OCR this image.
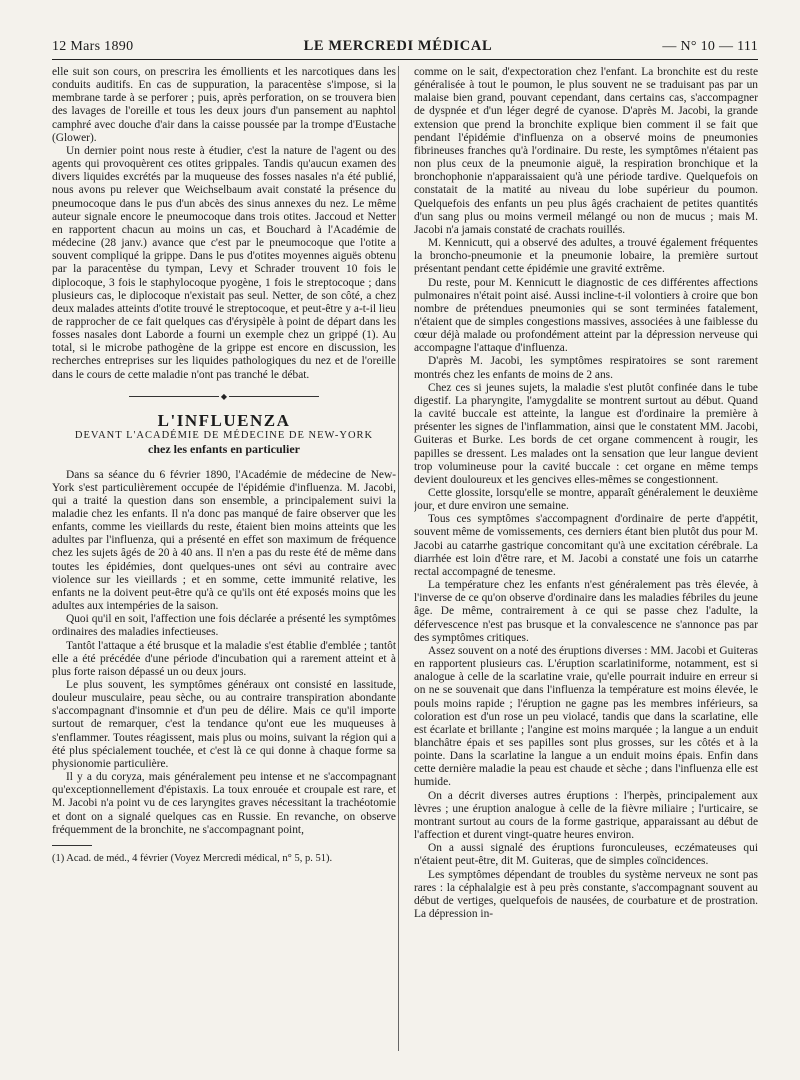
12 Mars 1890	LE MERCREDI MÉDICAL	— N° 10 — 111

elle suit son cours, on prescrira les émollients et les narcotiques dans les conduits auditifs. En cas de suppuration, la paracentèse s'impose, si la membrane tarde à se perforer ; puis, après perforation, on se trouvera bien des lavages de l'oreille et tous les deux jours d'un pansement au naphtol camphré avec douche d'air dans la caisse poussée par la trompe d'Eustache (Glower).

Un dernier point nous reste à étudier, c'est la nature de l'agent ou des agents qui provoquèrent ces otites grippales. Tandis qu'aucun examen des divers liquides excrétés par la muqueuse des fosses nasales n'a été publié, nous avons pu relever que Weichselbaum avait constaté la présence du pneumocoque dans le pus d'un abcès des sinus annexes du nez. Le même auteur signale encore le pneumocoque dans trois otites. Jaccoud et Netter en rapportent chacun au moins un cas, et Bouchard à l'Académie de médecine (28 janv.) avance que c'est par le pneumocoque que l'otite a souvent compliqué la grippe. Dans le pus d'otites moyennes aiguës obtenu par la paracentèse du tympan, Levy et Schrader trouvent 10 fois le diplocoque, 3 fois le staphylocoque pyogène, 1 fois le streptocoque ; dans plusieurs cas, le diplocoque n'existait pas seul. Netter, de son côté, a chez deux malades atteints d'otite trouvé le streptocoque, et peut-être y a-t-il lieu de rapprocher de ce fait quelques cas d'érysipèle à point de départ dans les fosses nasales dont Laborde a fourni un exemple chez un grippé (1). Au total, si le microbe pathogène de la grippe est encore en discussion, les recherches entreprises sur les liquides pathologiques du nez et de l'oreille dans le cours de cette maladie n'ont pas tranché le débat.

◆
L'INFLUENZA
DEVANT L'ACADÉMIE DE MÉDECINE DE NEW-YORK
chez les enfants en particulier

Dans sa séance du 6 février 1890, l'Académie de médecine de New-York s'est particulièrement occupée de l'épidémie d'influenza. M. Jacobi, qui a traité la question dans son ensemble, a principalement suivi la maladie chez les enfants. Il n'a donc pas manqué de faire observer que les enfants, comme les vieillards du reste, étaient bien moins atteints que les adultes par l'influenza, qui a présenté en effet son maximum de fréquence chez les sujets âgés de 20 à 40 ans. Il n'en a pas du reste été de même dans toutes les épidémies, dont quelques-unes ont sévi au contraire avec violence sur les vieillards ; et en somme, cette immunité relative, les enfants ne la doivent peut-être qu'à ce qu'ils ont été exposés moins que les adultes aux intempéries de la saison.

Quoi qu'il en soit, l'affection une fois déclarée a présenté les symptômes ordinaires des maladies infectieuses.

Tantôt l'attaque a été brusque et la maladie s'est établie d'emblée ; tantôt elle a été précédée d'une période d'incubation qui a rarement atteint et à plus forte raison dépassé un ou deux jours.

Le plus souvent, les symptômes généraux ont consisté en lassitude, douleur musculaire, peau sèche, ou au contraire transpiration abondante s'accompagnant d'insomnie et d'un peu de délire. Mais ce qu'il importe surtout de remarquer, c'est la tendance qu'ont eue les muqueuses à s'enflammer. Toutes réagissent, mais plus ou moins, suivant la région qui a été plus spécialement touchée, et c'est là ce qui donne à chaque forme sa physionomie particulière.

Il y a du coryza, mais généralement peu intense et ne s'accompagnant qu'exceptionnellement d'épistaxis. La toux enrouée et croupale est rare, et M. Jacobi n'a point vu de ces laryngites graves nécessitant la trachéotomie et dont on a signalé quelques cas en Russie. En revanche, on observe fréquemment de la bronchite, ne s'accompagnant point,

(1) Acad. de méd., 4 février (Voyez Mercredi médical, n° 5, p. 51).

comme on le sait, d'expectoration chez l'enfant. La bronchite est du reste généralisée à tout le poumon, le plus souvent ne se traduisant pas par un malaise bien grand, pouvant cependant, dans certains cas, s'accompagner de dyspnée et d'un léger degré de cyanose. D'après M. Jacobi, la grande extension que prend la bronchite explique bien comment il se fait que pendant l'épidémie d'influenza on a observé moins de pneumonies fibrineuses franches qu'à l'ordinaire. Du reste, les symptômes n'étaient pas non plus ceux de la pneumonie aiguë, la respiration bronchique et la bronchophonie n'apparaissaient qu'à une période tardive. Quelquefois on constatait de la matité au niveau du lobe supérieur du poumon. Quelquefois des enfants un peu plus âgés crachaient de petites quantités d'un sang plus ou moins vermeil mélangé ou non de mucus ; mais M. Jacobi n'a jamais constaté de crachats rouillés.

M. Kennicutt, qui a observé des adultes, a trouvé également fréquentes la broncho-pneumonie et la pneumonie lobaire, la première surtout présentant pendant cette épidémie une gravité extrême.

Du reste, pour M. Kennicutt le diagnostic de ces différentes affections pulmonaires n'était point aisé. Aussi incline-t-il volontiers à croire que bon nombre de prétendues pneumonies qui se sont terminées fatalement, n'étaient que de simples congestions massives, associées à une faiblesse du cœur déjà malade ou profondément atteint par la dépression nerveuse qui accompagne l'attaque d'influenza.

D'après M. Jacobi, les symptômes respiratoires se sont rarement montrés chez les enfants de moins de 2 ans.

Chez ces si jeunes sujets, la maladie s'est plutôt confinée dans le tube digestif. La pharyngite, l'amygdalite se montrent surtout au début. Quand la cavité buccale est atteinte, la langue est d'ordinaire la première à présenter les signes de l'inflammation, ainsi que le constatent MM. Jacobi, Guiteras et Burke. Les bords de cet organe commencent à rougir, les papilles se dressent. Les malades ont la sensation que leur langue devient trop volumineuse pour la cavité buccale : cet organe en même temps devient douloureux et les gencives elles-mêmes se congestionnent.

Cette glossite, lorsqu'elle se montre, apparaît généralement le deuxième jour, et dure environ une semaine.

Tous ces symptômes s'accompagnent d'ordinaire de perte d'appétit, souvent même de vomissements, ces derniers étant bien plutôt dus pour M. Jacobi au catarrhe gastrique concomitant qu'à une excitation cérébrale. La diarrhée est loin d'être rare, et M. Jacobi a constaté une fois un catarrhe rectal accompagné de tenesme.

La température chez les enfants n'est généralement pas très élevée, à l'inverse de ce qu'on observe d'ordinaire dans les maladies fébriles du jeune âge. De même, contrairement à ce qui se passe chez l'adulte, la défervescence n'est pas brusque et la convalescence ne s'annonce pas par des symptômes critiques.

Assez souvent on a noté des éruptions diverses : MM. Jacobi et Guiteras en rapportent plusieurs cas. L'éruption scarlatiniforme, notamment, est si analogue à celle de la scarlatine vraie, qu'elle pourrait induire en erreur si on ne se souvenait que dans l'influenza la température est moins élevée, le pouls moins rapide ; l'éruption ne gagne pas les membres inférieurs, sa coloration est d'un rose un peu violacé, tandis que dans la scarlatine, elle est écarlate et brillante ; l'angine est moins marquée ; la langue a un enduit blanchâtre épais et ses papilles sont plus grosses, sur les côtés et à la pointe. Dans la scarlatine la langue a un enduit moins épais. Enfin dans cette dernière maladie la peau est chaude et sèche ; dans l'influenza elle est humide.

On a décrit diverses autres éruptions : l'herpès, principalement aux lèvres ; une éruption analogue à celle de la fièvre miliaire ; l'urticaire, se montrant surtout au cours de la forme gastrique, apparaissant au début de l'affection et durent vingt-quatre heures environ.

On a aussi signalé des éruptions furonculeuses, eczémateuses qui n'étaient peut-être, dit M. Guiteras, que de simples coïncidences.

Les symptômes dépendant de troubles du système nerveux ne sont pas rares : la céphalalgie est à peu près constante, s'accompagnant souvent au début de vertiges, quelquefois de nausées, de courbature et de prostration. La dépression in-
